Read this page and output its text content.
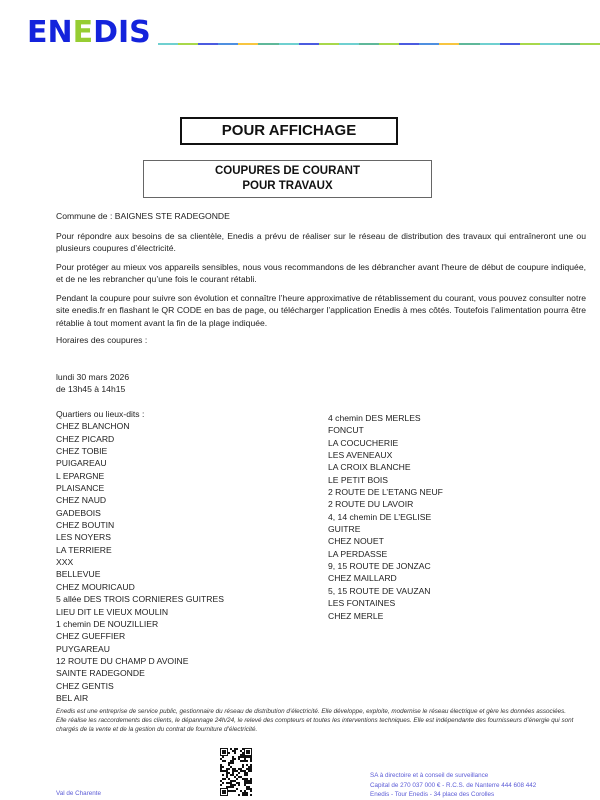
ENEDIS
POUR AFFICHAGE
COUPURES DE COURANT
POUR TRAVAUX
Commune de : BAIGNES STE RADEGONDE
Pour répondre aux besoins de sa clientèle, Enedis a prévu de réaliser sur le réseau de distribution des travaux qui entraîneront une ou plusieurs coupures d’électricité.
Pour protéger au mieux vos appareils sensibles, nous vous recommandons de les débrancher avant l'heure de début de coupure indiquée, et de ne les rebrancher qu’une fois le courant rétabli.
Pendant la coupure pour suivre son évolution et connaître l’heure approximative de rétablissement du courant, vous pouvez consulter notre site enedis.fr en flashant le QR CODE en bas de page, ou télécharger l’application Enedis à mes côtés. Toutefois l’alimentation pourra être rétablie à tout moment avant la fin de la plage indiquée.
Horaires des coupures :
lundi 30 mars 2026
de 13h45 à 14h15
Quartiers ou lieux-dits :
CHEZ BLANCHON
CHEZ PICARD
CHEZ TOBIE
PUIGAREAU
L EPARGNE
PLAISANCE
CHEZ NAUD
GADEBOIS
CHEZ BOUTIN
LES NOYERS
LA TERRIERE
XXX
BELLEVUE
CHEZ MOURICAUD
5 allée DES TROIS CORNIERES GUITRES
LIEU DIT LE VIEUX MOULIN
1 chemin DE NOUZILLIER
CHEZ GUEFFIER
PUYGAREAU
12 ROUTE DU CHAMP D AVOINE
SAINTE RADEGONDE
CHEZ GENTIS
BEL AIR
4 chemin DES MERLES
FONCUT
LA COCUCHERIE
LES AVENEAUX
LA CROIX BLANCHE
LE PETIT BOIS
2 ROUTE DE L’ETANG NEUF
2 ROUTE DU LAVOIR
4, 14 chemin DE L’EGLISE
GUITRE
CHEZ NOUET
LA PERDASSE
9, 15 ROUTE DE JONZAC
CHEZ MAILLARD
5, 15 ROUTE DE VAUZAN
LES FONTAINES
CHEZ MERLE
Enedis est une entreprise de service public, gestionnaire du réseau de distribution d’électricité. Elle développe, exploite, modernise le réseau électrique et gère les données associées. Elle réalise les raccordements des clients, le dépannage 24h/24, le relevé des compteurs et toutes les interventions techniques. Elle est indépendante des fournisseurs d’énergie qui sont chargés de la vente et de la gestion du contrat de fourniture d’électricité.
Val de Charente
SA à directoire et à conseil de surveillance
Capital de 270 037 000 € - R.C.S. de Nanterre 444 608 442
Enedis - Tour Enedis - 34 place des Corolles
